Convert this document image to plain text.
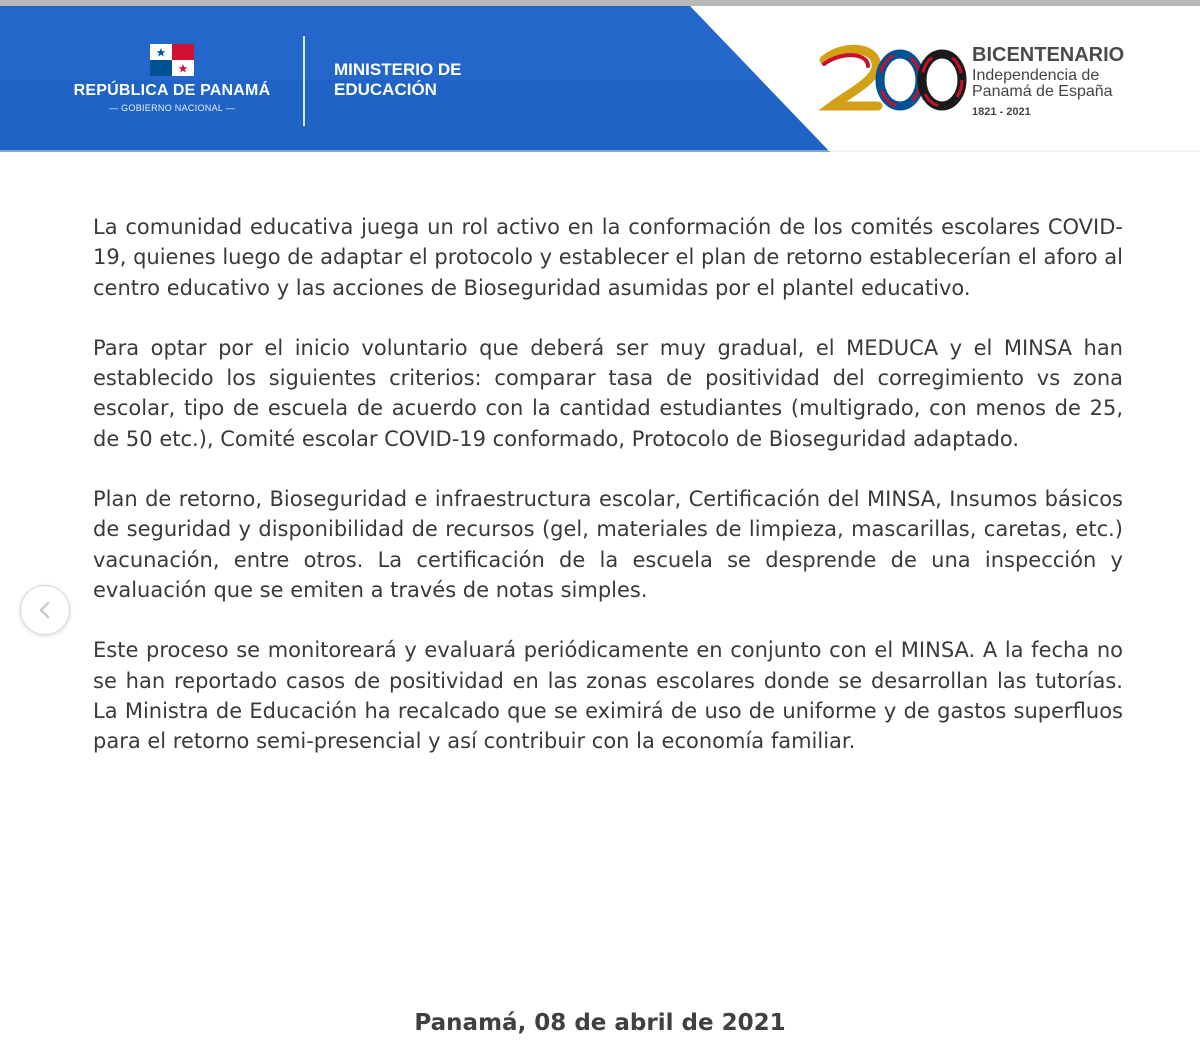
REPÚBLICA DE PANAMÁ
— GOBIERNO NACIONAL —
MINISTERIO DE
EDUCACIÓN
BICENTENARIO
Independencia de
Panamá de España
1821 - 2021

La comunidad educativa juega un rol activo en la conformación de los comités escolares COVID-19, quienes luego de adaptar el protocolo y establecer el plan de retorno establecerían el aforo al centro educativo y las acciones de Bioseguridad asumidas por el plantel educativo.

Para optar por el inicio voluntario que deberá ser muy gradual, el MEDUCA y el MINSA han establecido los siguientes criterios: comparar tasa de positividad del corregimiento vs zona escolar, tipo de escuela de acuerdo con la cantidad estudiantes (multigrado, con menos de 25, de 50 etc.), Comité escolar COVID-19 conformado, Protocolo de Bioseguridad adaptado.

Plan de retorno, Bioseguridad e infraestructura escolar, Certificación del MINSA, Insumos básicos de seguridad y disponibilidad de recursos (gel, materiales de limpieza, mascarillas, caretas, etc.) vacunación, entre otros. La certificación de la escuela se desprende de una inspección y evaluación que se emiten a través de notas simples.

Este proceso se monitoreará y evaluará periódicamente en conjunto con el MINSA. A la fecha no se han reportado casos de positividad en las zonas escolares donde se desarrollan las tutorías. La Ministra de Educación ha recalcado que se eximirá de uso de uniforme y de gastos superfluos para el retorno semi-presencial y así contribuir con la economía familiar.

Panamá, 08 de abril de 2021
